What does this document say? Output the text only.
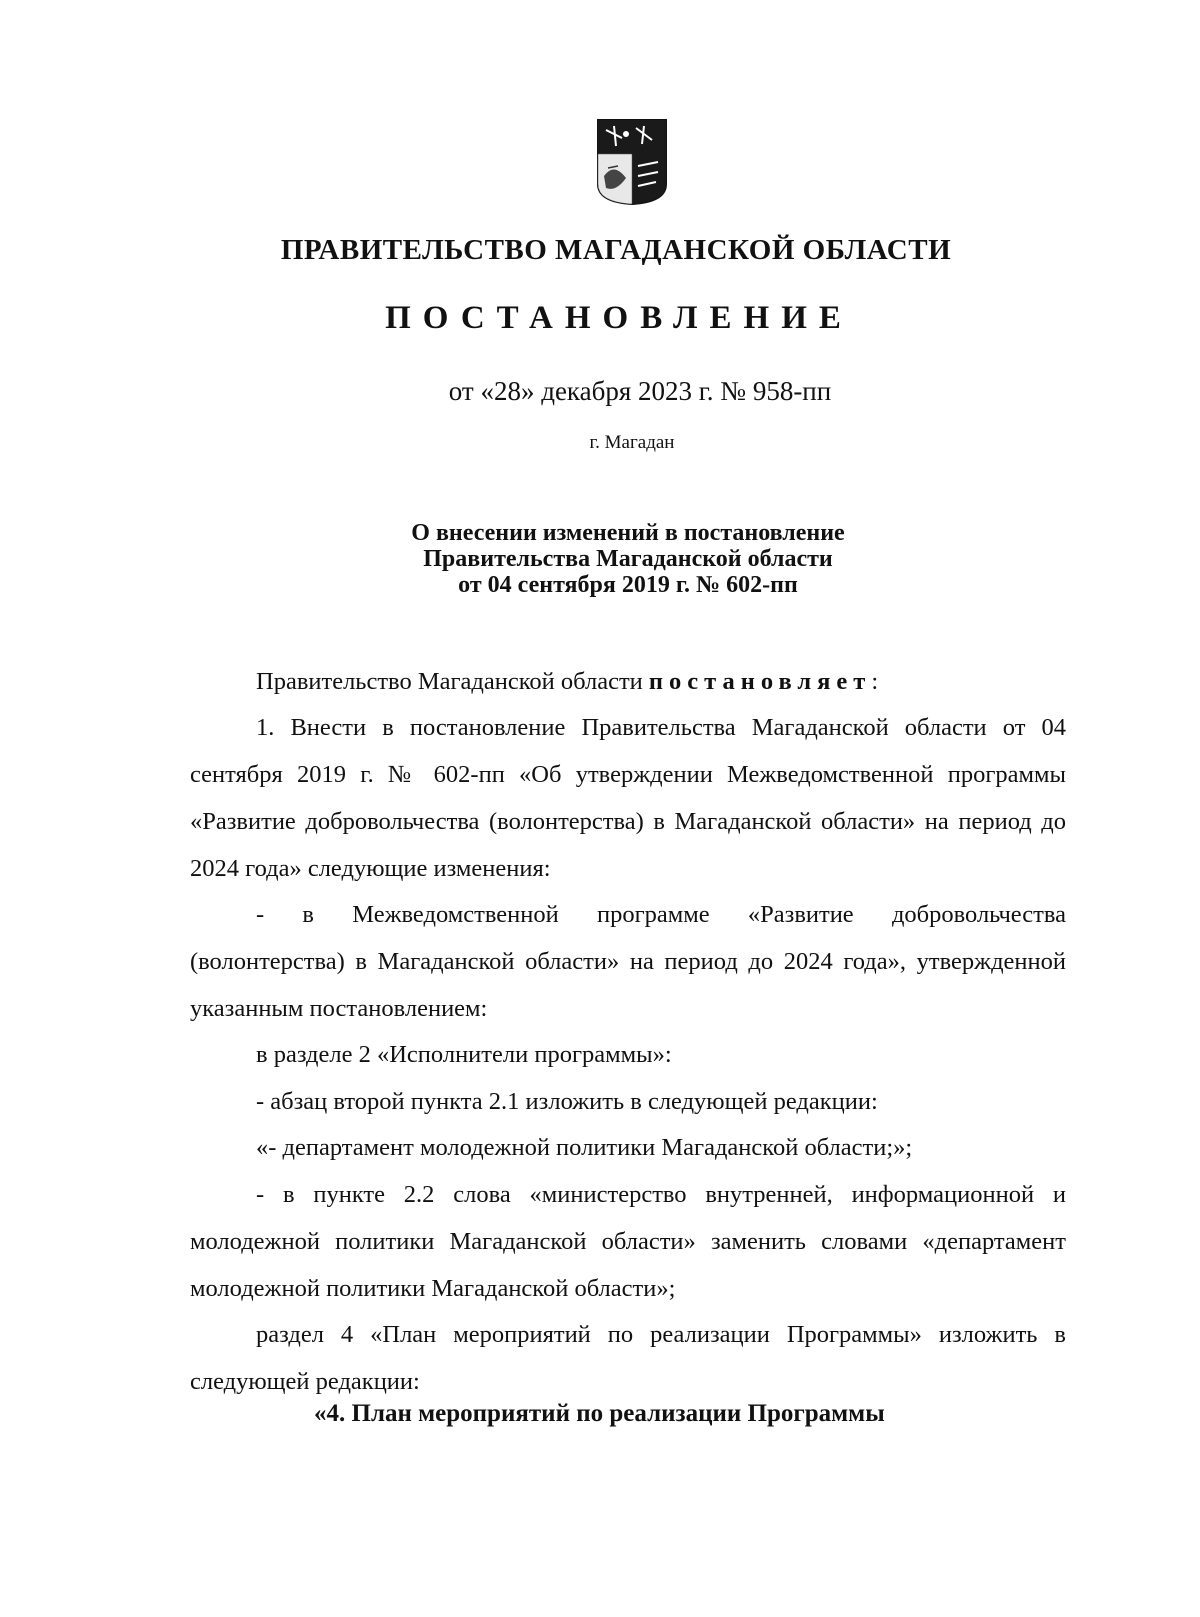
ПРАВИТЕЛЬСТВО МАГАДАНСКОЙ ОБЛАСТИ
ПОСТАНОВЛЕНИЕ
от «28» декабря 2023 г. № 958-пп
г. Магадан
О внесении изменений в постановление
Правительства Магаданской области
от 04 сентября 2019 г. № 602-пп
Правительство Магаданской области постановляет:
1. Внести в постановление Правительства Магаданской области от 04 сентября 2019 г. № 602-пп «Об утверждении Межведомственной программы «Развитие добровольчества (волонтерства) в Магаданской области» на период до 2024 года» следующие изменения:
- в Межведомственной программе «Развитие добровольчества (волонтерства) в Магаданской области» на период до 2024 года», утвержденной указанным постановлением:
в разделе 2 «Исполнители программы»:
- абзац второй пункта 2.1 изложить в следующей редакции:
«- департамент молодежной политики Магаданской области;»;
- в пункте 2.2 слова «министерство внутренней, информационной и молодежной политики Магаданской области» заменить словами «департамент молодежной политики Магаданской области»;
раздел 4 «План мероприятий по реализации Программы» изложить в следующей редакции:
«4. План мероприятий по реализации Программы
